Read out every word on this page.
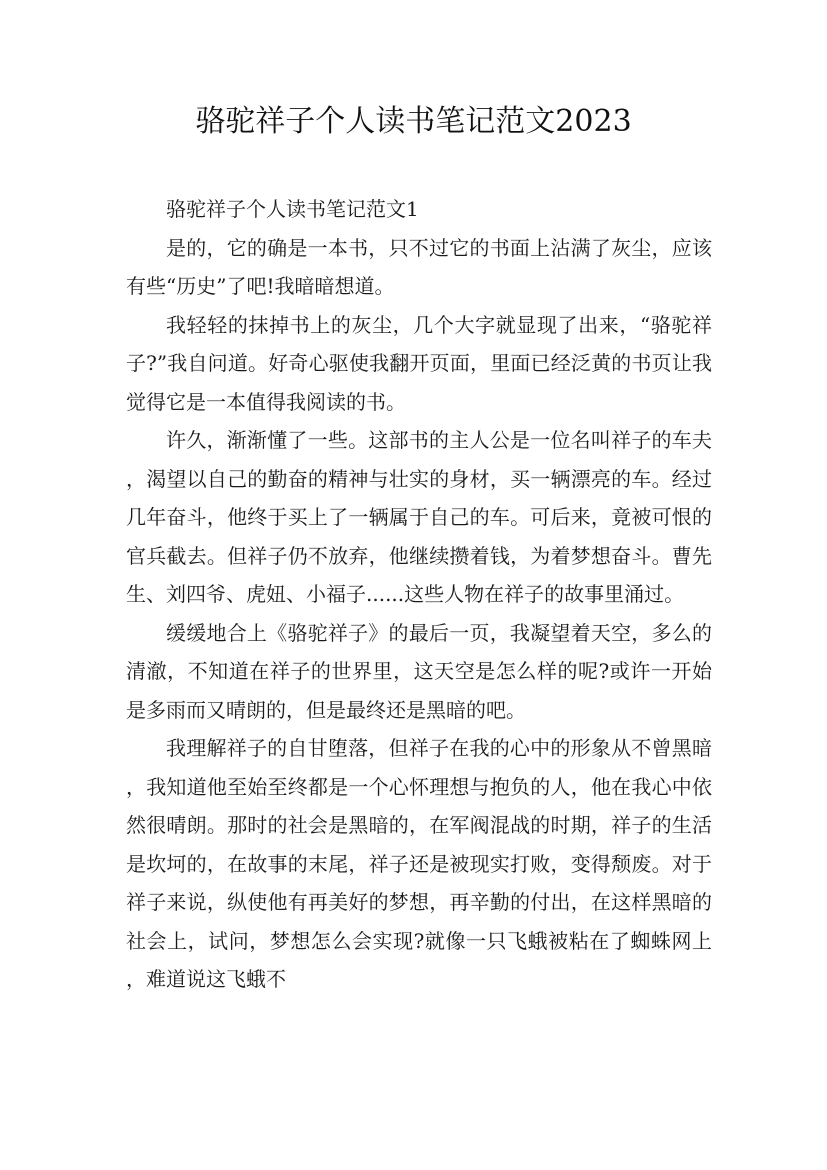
骆驼祥子个人读书笔记范文2023

骆驼祥子个人读书笔记范文1

是的，它的确是一本书，只不过它的书面上沾满了灰尘，应该有些“历史”了吧!我暗暗想道。

我轻轻的抹掉书上的灰尘，几个大字就显现了出来，“骆驼祥子?”我自问道。好奇心驱使我翻开页面，里面已经泛黄的书页让我觉得它是一本值得我阅读的书。

许久，渐渐懂了一些。这部书的主人公是一位名叫祥子的车夫，渴望以自己的勤奋的精神与壮实的身材，买一辆漂亮的车。经过几年奋斗，他终于买上了一辆属于自己的车。可后来，竟被可恨的官兵截去。但祥子仍不放弃，他继续攒着钱，为着梦想奋斗。曹先生、刘四爷、虎妞、小福子......这些人物在祥子的故事里涌过。

缓缓地合上《骆驼祥子》的最后一页，我凝望着天空，多么的清澈，不知道在祥子的世界里，这天空是怎么样的呢?或许一开始是多雨而又晴朗的，但是最终还是黑暗的吧。

我理解祥子的自甘堕落，但祥子在我的心中的形象从不曾黑暗，我知道他至始至终都是一个心怀理想与抱负的人，他在我心中依然很晴朗。那时的社会是黑暗的，在军阀混战的时期，祥子的生活是坎坷的，在故事的末尾，祥子还是被现实打败，变得颓废。对于祥子来说，纵使他有再美好的梦想，再辛勤的付出，在这样黑暗的社会上，试问，梦想怎么会实现?就像一只飞蛾被粘在了蜘蛛网上，难道说这飞蛾不
